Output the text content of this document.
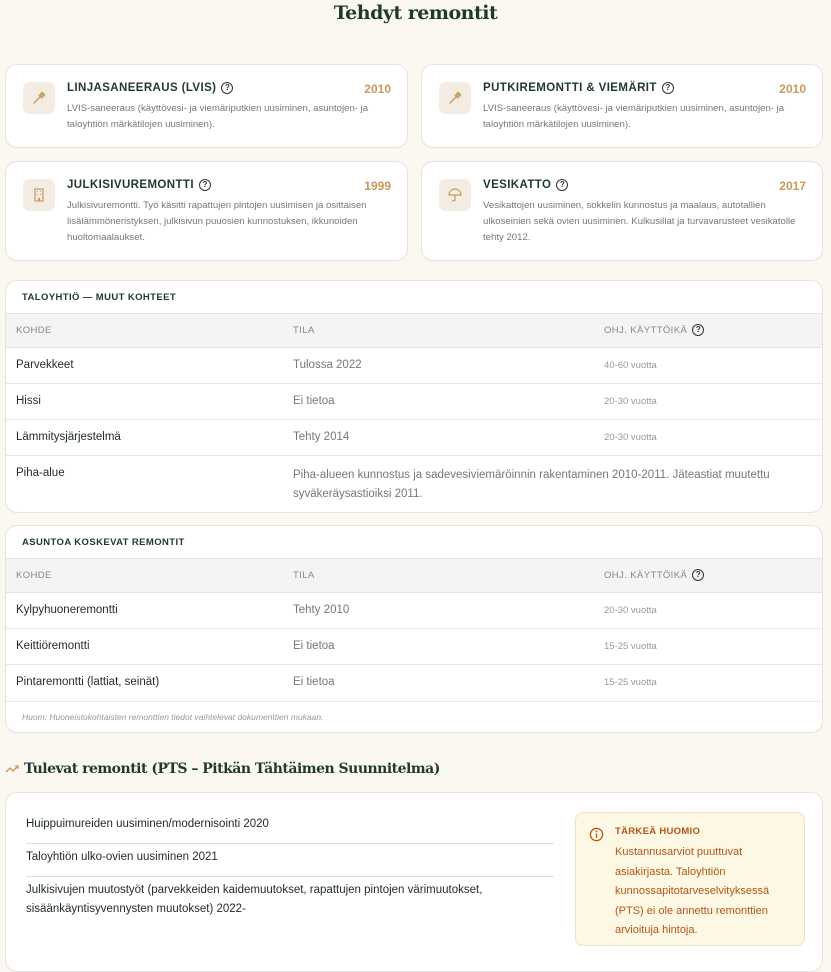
Tehdyt remontit
LINJASANEERAUS (LVIS)	?	2010
LVIS-saneeraus (käyttövesi- ja viemäriputkien uusiminen, asuntojen- ja taloyhtiön märkätilojen uusiminen).
PUTKIREMONTTI & VIEMÄRIT	?	2010
LVIS-saneeraus (käyttövesi- ja viemäriputkien uusiminen, asuntojen- ja taloyhtiön märkätilojen uusiminen).
JULKISIVUREMONTTI	?	1999
Julkisivuremontti. Työ käsitti rapattujen pintojen uusimisen ja osittaisen lisälämmöneristyksen, julkisivun puuosien kunnostuksen, ikkunoiden huoltomaalaukset.
VESIKATTO	?	2017
Vesikattojen uusiminen, sokkelin kunnostus ja maalaus, autotallien ulkoseinien sekä ovien uusiminen. Kulkusillat ja turvavarusteet vesikatolle tehty 2012.
TALOYHTIÖ — MUUT KOHTEET
KOHDE	TILA	OHJ. KÄYTTÖIKÄ	?
Parvekkeet	Tulossa 2022	40-60 vuotta
Hissi	Ei tietoa	20-30 vuotta
Lämmitysjärjestelmä	Tehty 2014	20-30 vuotta
Piha-alue	Piha-alueen kunnostus ja sadevesiviemäröinnin rakentaminen 2010-2011. Jäteastiat muutettu syväkeräysastioiksi 2011.
ASUNTOA KOSKEVAT REMONTIT
KOHDE	TILA	OHJ. KÄYTTÖIKÄ	?
Kylpyhuoneremontti	Tehty 2010	20-30 vuotta
Keittiöremontti	Ei tietoa	15-25 vuotta
Pintaremontti (lattiat, seinät)	Ei tietoa	15-25 vuotta
Huom: Huoneistokohtaisten remonttien tiedot vaihtelevat dokumenttien mukaan.
Tulevat remontit (PTS – Pitkän Tähtäimen Suunnitelma)
Huippuimureiden uusiminen/modernisointi 2020
Taloyhtiön ulko-ovien uusiminen 2021
Julkisivujen muutostyöt (parvekkeiden kaidemuutokset, rapattujen pintojen värimuutokset, sisäänkäyntisyvennysten muutokset) 2022-
TÄRKEÄ HUOMIO
Kustannusarviot puuttuvat asiakirjasta. Taloyhtiön kunnossapitotarveselvityksessä (PTS) ei ole annettu remonttien arvioituja hintoja.
